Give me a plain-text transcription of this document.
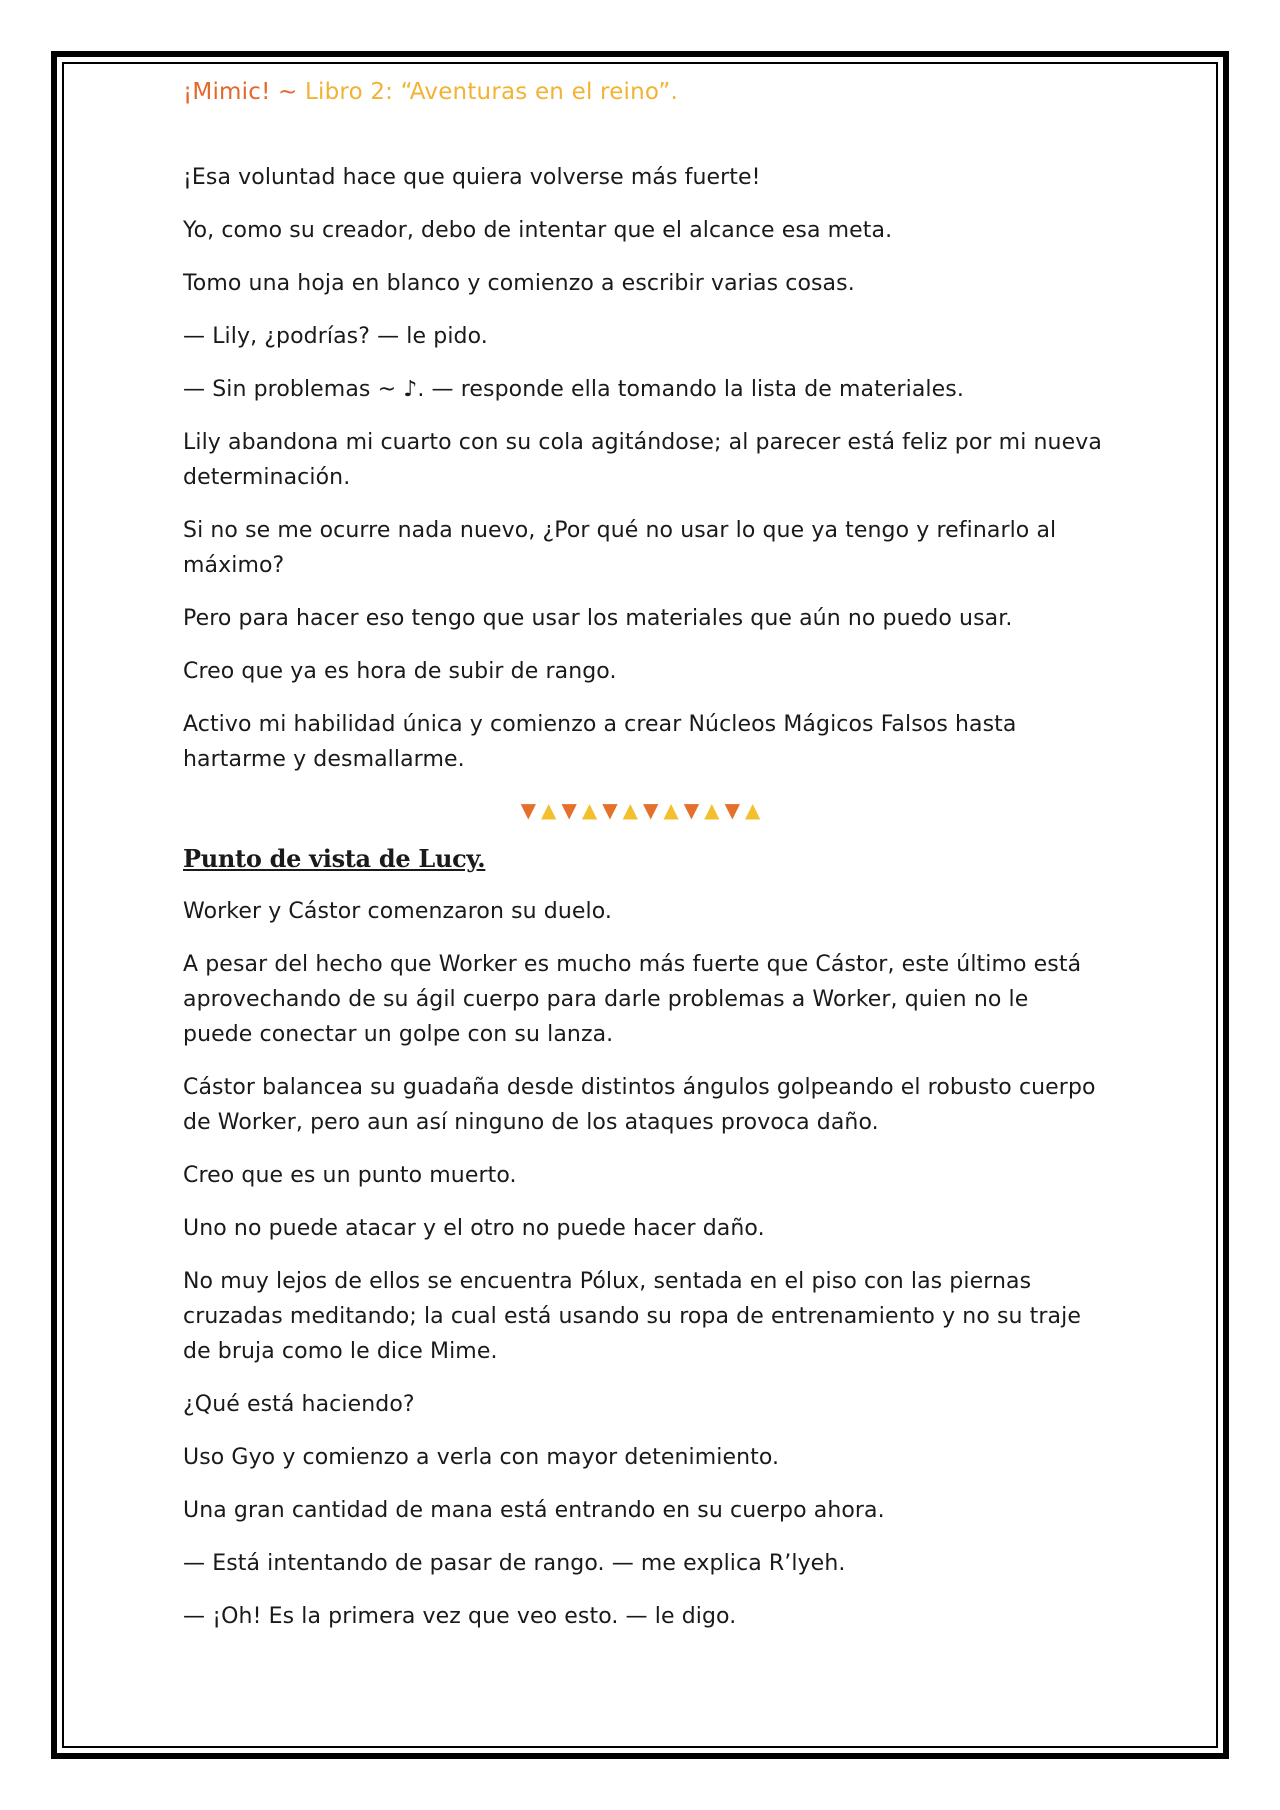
¡Mimic! ~ Libro 2: “Aventuras en el reino”.

¡Esa voluntad hace que quiera volverse más fuerte!

Yo, como su creador, debo de intentar que el alcance esa meta.

Tomo una hoja en blanco y comienzo a escribir varias cosas.

— Lily, ¿podrías? — le pido.

— Sin problemas ~ ♪. — responde ella tomando la lista de materiales.

Lily abandona mi cuarto con su cola agitándose; al parecer está feliz por mi nueva determinación.

Si no se me ocurre nada nuevo, ¿Por qué no usar lo que ya tengo y refinarlo al máximo?

Pero para hacer eso tengo que usar los materiales que aún no puedo usar.

Creo que ya es hora de subir de rango.

Activo mi habilidad única y comienzo a crear Núcleos Mágicos Falsos hasta hartarme y desmallarme.

▼▲▼▲▼▲▼▲▼▲▼▲

Punto de vista de Lucy.

Worker y Cástor comenzaron su duelo.

A pesar del hecho que Worker es mucho más fuerte que Cástor, este último está aprovechando de su ágil cuerpo para darle problemas a Worker, quien no le puede conectar un golpe con su lanza.

Cástor balancea su guadaña desde distintos ángulos golpeando el robusto cuerpo de Worker, pero aun así ninguno de los ataques provoca daño.

Creo que es un punto muerto.

Uno no puede atacar y el otro no puede hacer daño.

No muy lejos de ellos se encuentra Pólux, sentada en el piso con las piernas cruzadas meditando; la cual está usando su ropa de entrenamiento y no su traje de bruja como le dice Mime.

¿Qué está haciendo?

Uso Gyo y comienzo a verla con mayor detenimiento.

Una gran cantidad de mana está entrando en su cuerpo ahora.

— Está intentando de pasar de rango. — me explica R’lyeh.

— ¡Oh! Es la primera vez que veo esto. — le digo.
